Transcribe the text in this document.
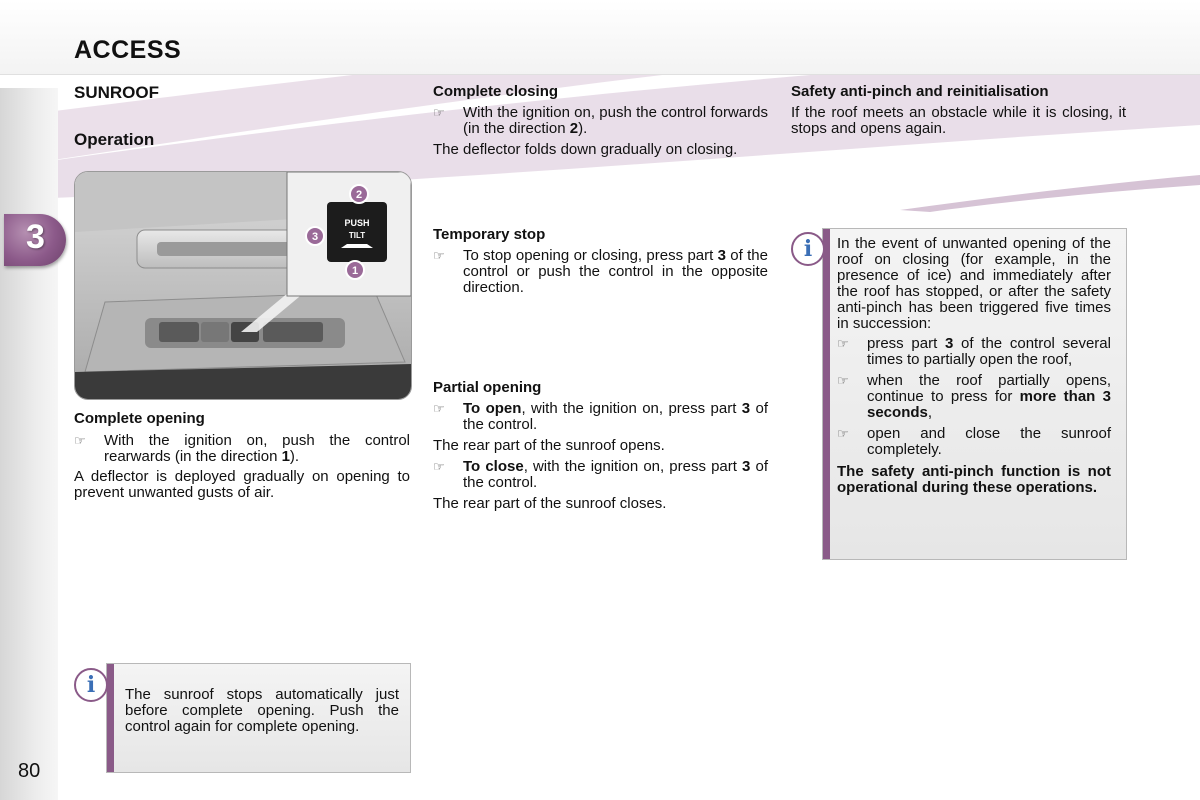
ACCESS
3
SUNROOF
Operation
PUSH
TILT
2
3
1
Complete opening
☞	With the ignition on, push the control rearwards (in the direction 1).

A deflector is deployed gradually on opening to prevent unwanted gusts of air.

The sunroof stops automatically just before complete opening. Push the control again for complete opening.

i
Complete closing
☞	With the ignition on, push the control forwards (in the direction 2).

The deflector folds down gradually on closing.

Temporary stop
☞	To stop opening or closing, press part 3 of the control or push the control in the opposite direction.
Partial opening
☞	To open, with the ignition on, press part 3 of the control.

The rear part of the sunroof opens.

☞	To close, with the ignition on, press part 3 of the control.

The rear part of the sunroof closes.

Safety anti-pinch and reinitialisation

If the roof meets an obstacle while it is closing, it stops and opens again.

In the event of unwanted opening of the roof on closing (for example, in the presence of ice) and immediately after the roof has stopped, or after the safety anti-pinch has been triggered five times in succession:

☞	press part 3 of the control several times to partially open the roof,
☞	when the roof partially opens, continue to press for more than 3 seconds,
☞	open and close the sunroof completely.

The safety anti-pinch function is not operational during these operations.

i
80
